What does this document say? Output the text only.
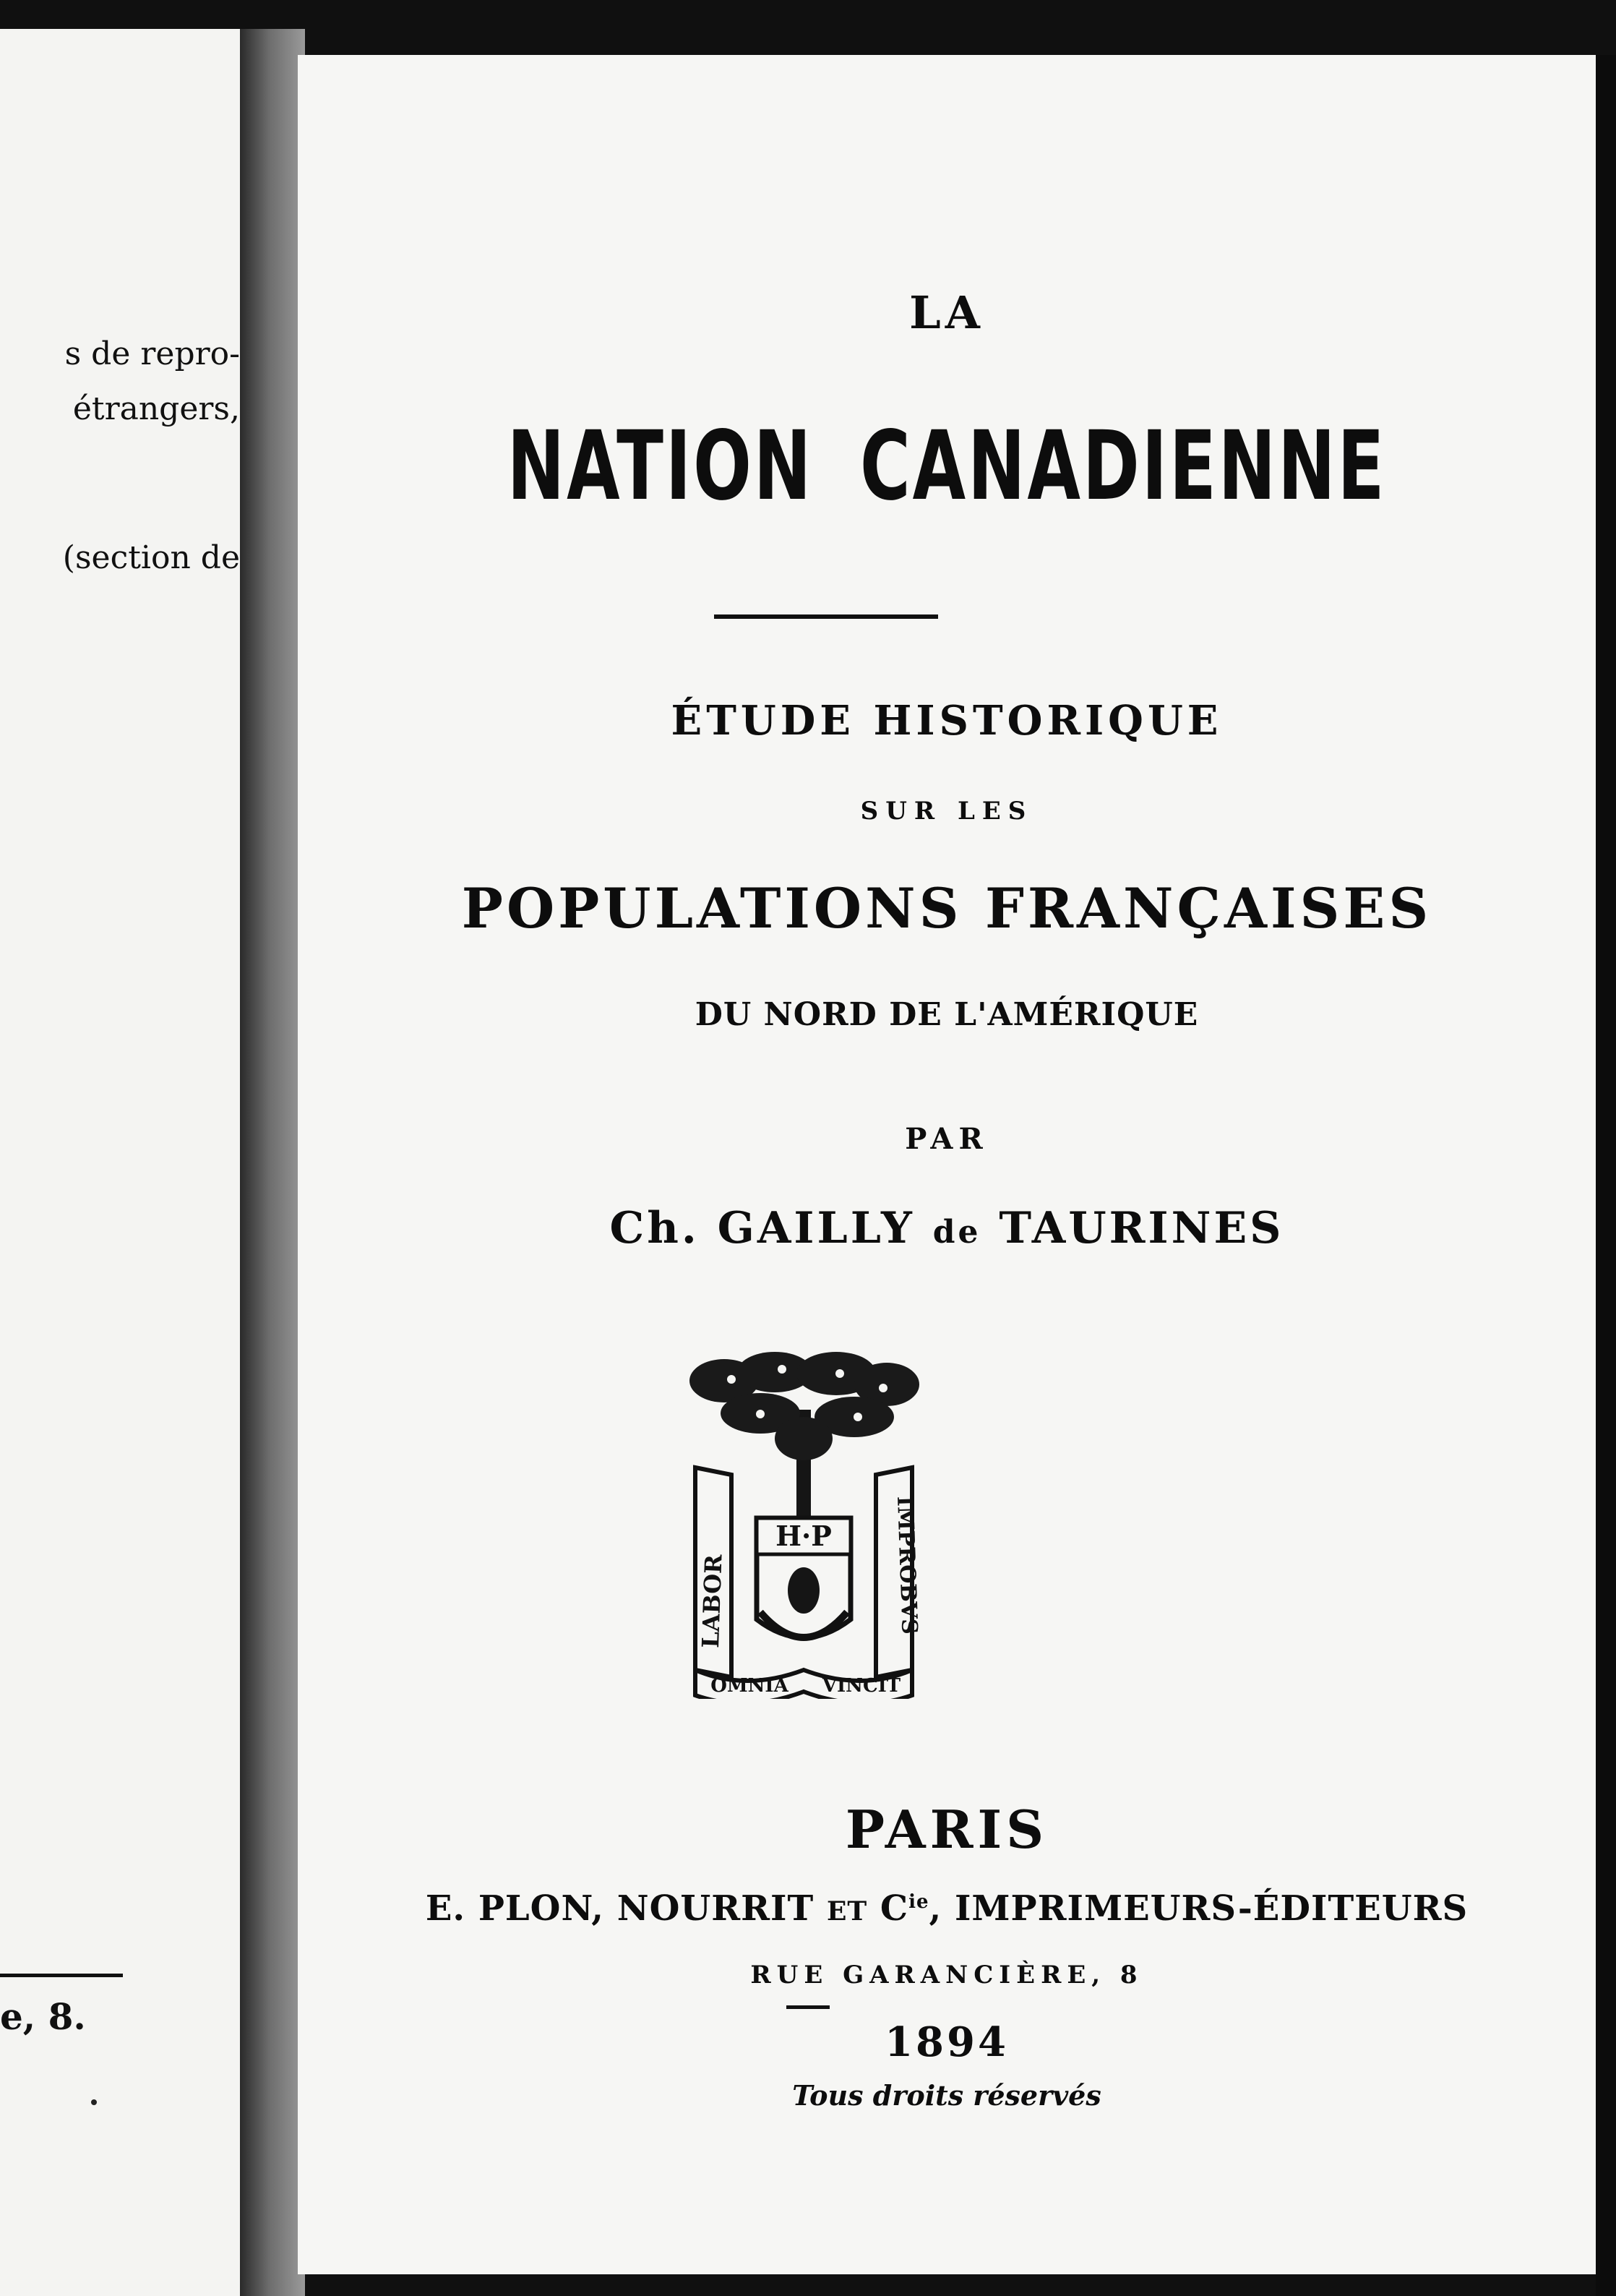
s de repro-
étrangers,
(section de
e, 8.
LA
NATION CANADIENNE
ÉTUDE HISTORIQUE
SUR LES
POPULATIONS FRANÇAISES
DU NORD DE L'AMÉRIQUE
PAR
Ch. GAILLY de TAURINES
H·P
LABOR	IMPROBVS
OMNIA VINCIT
PARIS
E. PLON, NOURRIT ET $C^{ie}$, IMPRIMEURS-ÉDITEURS
RUE GARANCIÈRE, 8
1894
Tous droits réservés
